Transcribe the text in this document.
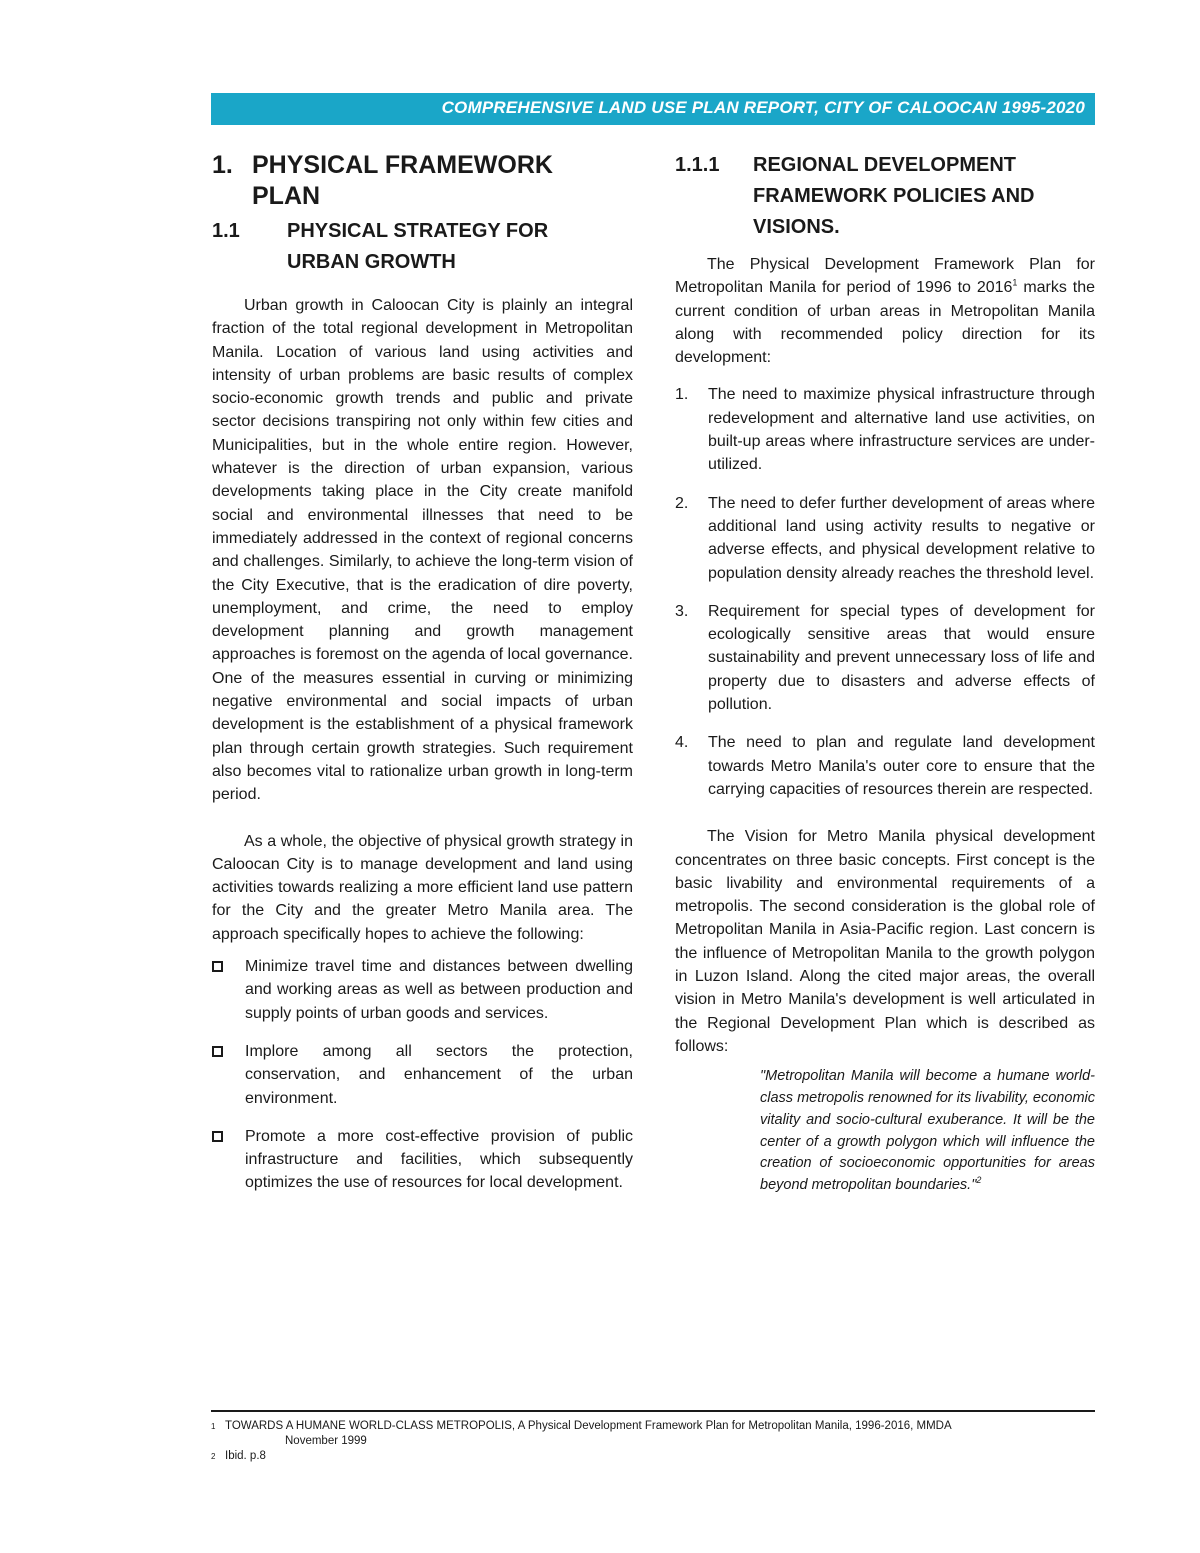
COMPREHENSIVE LAND USE PLAN REPORT, CITY OF CALOOCAN 1995-2020
1. PHYSICAL FRAMEWORK
PLAN
1.1	PHYSICAL STRATEGY FOR
URBAN GROWTH

Urban growth in Caloocan City is plainly an integral fraction of the total regional development in Metropolitan Manila. Location of various land using activities and intensity of urban problems are basic results of complex socio-economic growth trends and public and private sector decisions transpiring not only within few cities and Municipalities, but in the whole entire region. However, whatever is the direction of urban expansion, various developments taking place in the City create manifold social and environmental illnesses that need to be immediately addressed in the context of regional concerns and challenges. Similarly, to achieve the long-term vision of the City Executive, that is the eradication of dire poverty, unemployment, and crime, the need to employ development planning and growth management approaches is foremost on the agenda of local governance. One of the measures essential in curving or minimizing negative environmental and social impacts of urban development is the establishment of a physical framework plan through certain growth strategies. Such requirement also becomes vital to rationalize urban growth in long-term period.

As a whole, the objective of physical growth strategy in Caloocan City is to manage development and land using activities towards realizing a more efficient land use pattern for the City and the greater Metro Manila area. The approach specifically hopes to achieve the following:

Minimize travel time and distances between dwelling and working areas as well as between production and supply points of urban goods and services.
Implore among all sectors the protection, conservation, and enhancement of the urban environment.
Promote a more cost-effective provision of public infrastructure and facilities, which subsequently optimizes the use of resources for local development.
1.1.1	REGIONAL DEVELOPMENT
FRAMEWORK POLICIES AND
VISIONS.

The Physical Development Framework Plan for Metropolitan Manila for period of 1996 to 2016$^1$ marks the current condition of urban areas in Metropolitan Manila along with recommended policy direction for its development:

1.	The need to maximize physical infrastructure through redevelopment and alternative land use activities, on built-up areas where infrastructure services are under-utilized.
2.	The need to defer further development of areas where additional land using activity results to negative or adverse effects, and physical development relative to population density already reaches the threshold level.
3.	Requirement for special types of development for ecologically sensitive areas that would ensure sustainability and prevent unnecessary loss of life and property due to disasters and adverse effects of pollution.
4.	The need to plan and regulate land development towards Metro Manila's outer core to ensure that the carrying capacities of resources therein are respected.

The Vision for Metro Manila physical development concentrates on three basic concepts. First concept is the basic livability and environmental requirements of a metropolis. The second consideration is the global role of Metropolitan Manila in Asia-Pacific region. Last concern is the influence of Metropolitan Manila to the growth polygon in Luzon Island. Along the cited major areas, the overall vision in Metro Manila's development is well articulated in the Regional Development Plan which is described as follows:

"Metropolitan Manila will become a humane world-class metropolis renowned for its livability, economic vitality and socio-cultural exuberance. It will be the center of a growth polygon which will influence the creation of socioeconomic opportunities for areas beyond metropolitan boundaries."$^2$
1 TOWARDS A HUMANE WORLD-CLASS METROPOLIS, A Physical Development Framework Plan for Metropolitan Manila, 1996-2016, MMDA
November 1999
2 Ibid. p.8
